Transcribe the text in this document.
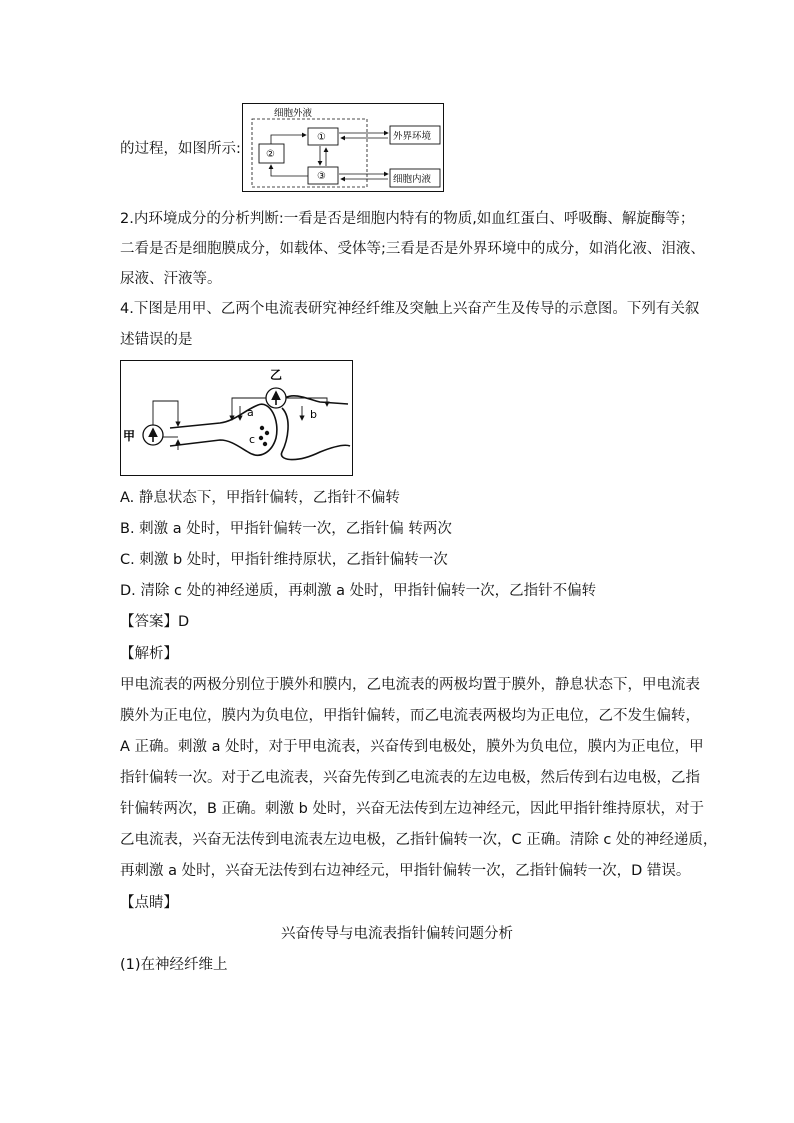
的过程，如图所示:
细胞外液
②
①
③
外界环境
细胞内液
2.内环境成分的分析判断:一看是否是细胞内特有的物质,如血红蛋白、呼吸酶、解旋酶等；
二看是否是细胞膜成分，如载体、受体等;三看是否是外界环境中的成分，如消化液、泪液、
尿液、汗液等。
4.下图是用甲、乙两个电流表研究神经纤维及突触上兴奋产生及传导的示意图。下列有关叙
述错误的是
c
甲
乙
a	b
A. 静息状态下，甲指针偏转，乙指针不偏转
B. 刺激 a 处时，甲指针偏转一次，乙指针偏 转两次
C. 刺激 b 处时，甲指针维持原状，乙指针偏转一次
D. 清除 c 处的神经递质，再刺激 a 处时，甲指针偏转一次，乙指针不偏转
【答案】D
【解析】
甲电流表的两极分别位于膜外和膜内，乙电流表的两极均置于膜外，静息状态下，甲电流表
膜外为正电位，膜内为负电位，甲指针偏转，而乙电流表两极均为正电位，乙不发生偏转，
A 正确。刺激 a 处时，对于甲电流表，兴奋传到电极处，膜外为负电位，膜内为正电位，甲
指针偏转一次。对于乙电流表，兴奋先传到乙电流表的左边电极，然后传到右边电极，乙指
针偏转两次，B 正确。刺激 b 处时，兴奋无法传到左边神经元，因此甲指针维持原状，对于
乙电流表，兴奋无法传到电流表左边电极，乙指针偏转一次，C 正确。清除 c 处的神经递质，
再刺激 a 处时，兴奋无法传到右边神经元，甲指针偏转一次，乙指针偏转一次，D 错误。
【点睛】
兴奋传导与电流表指针偏转问题分析
(1)在神经纤维上
